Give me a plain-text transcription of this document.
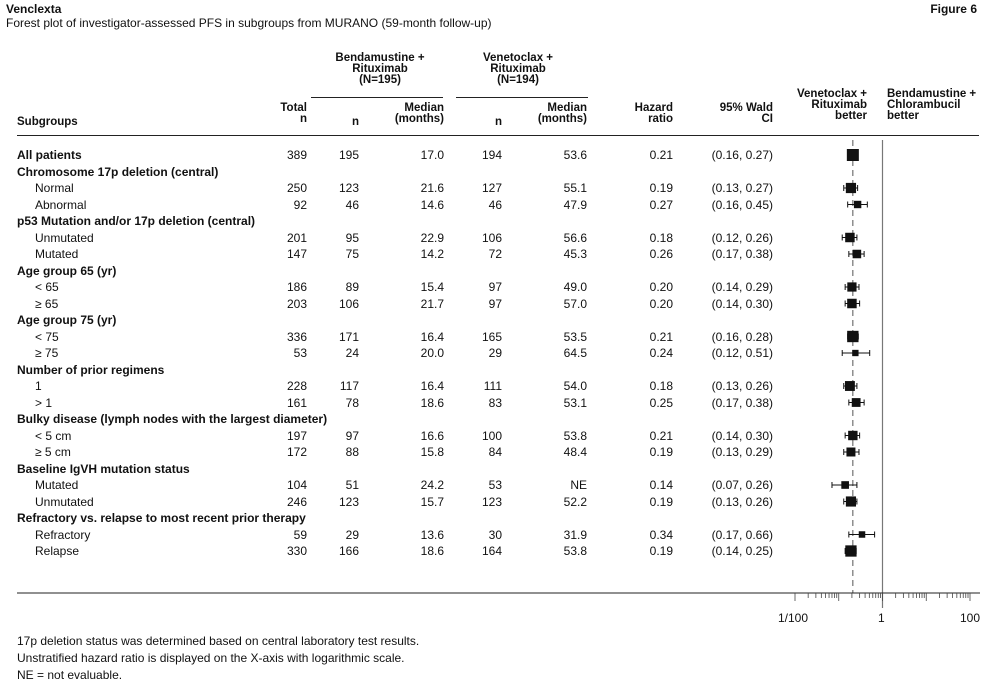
Venclexta	Figure 6
Forest plot of investigator-assessed PFS in subgroups from MURANO (59-month follow-up)
Bendamustine +
Rituximab
(N=195)
Venetoclax +
Rituximab
(N=194)
Subgroups
Total
n	n
Median
(months)	n
Median
(months)
Hazard
ratio
95% Wald
CI
Venetoclax +
Rituximab
better
Bendamustine +
Chlorambucil
better
All patients	389	195	17.0	194	53.6	0.21	(0.16, 0.27)
Chromosome 17p deletion (central)
Normal	250	123	21.6	127	55.1	0.19	(0.13, 0.27)
Abnormal	92	46	14.6	46	47.9	0.27	(0.16, 0.45)
p53 Mutation and/or 17p deletion (central)
Unmutated	201	95	22.9	106	56.6	0.18	(0.12, 0.26)
Mutated	147	75	14.2	72	45.3	0.26	(0.17, 0.38)
Age group 65 (yr)
< 65	186	89	15.4	97	49.0	0.20	(0.14, 0.29)
≥ 65	203	106	21.7	97	57.0	0.20	(0.14, 0.30)
Age group 75 (yr)
< 75	336	171	16.4	165	53.5	0.21	(0.16, 0.28)
≥ 75	53	24	20.0	29	64.5	0.24	(0.12, 0.51)
Number of prior regimens
1	228	117	16.4	111	54.0	0.18	(0.13, 0.26)
> 1	161	78	18.6	83	53.1	0.25	(0.17, 0.38)
Bulky disease (lymph nodes with the largest diameter)
< 5 cm	197	97	16.6	100	53.8	0.21	(0.14, 0.30)
≥ 5 cm	172	88	15.8	84	48.4	0.19	(0.13, 0.29)
Baseline IgVH mutation status
Mutated	104	51	24.2	53	NE	0.14	(0.07, 0.26)
Unmutated	246	123	15.7	123	52.2	0.19	(0.13, 0.26)
Refractory vs. relapse to most recent prior therapy
Refractory	59	29	13.6	30	31.9	0.34	(0.17, 0.66)
Relapse	330	166	18.6	164	53.8	0.19	(0.14, 0.25)
1/100	1	100
17p deletion status was determined based on central laboratory test results.
Unstratified hazard ratio is displayed on the X-axis with logarithmic scale.
NE = not evaluable.
